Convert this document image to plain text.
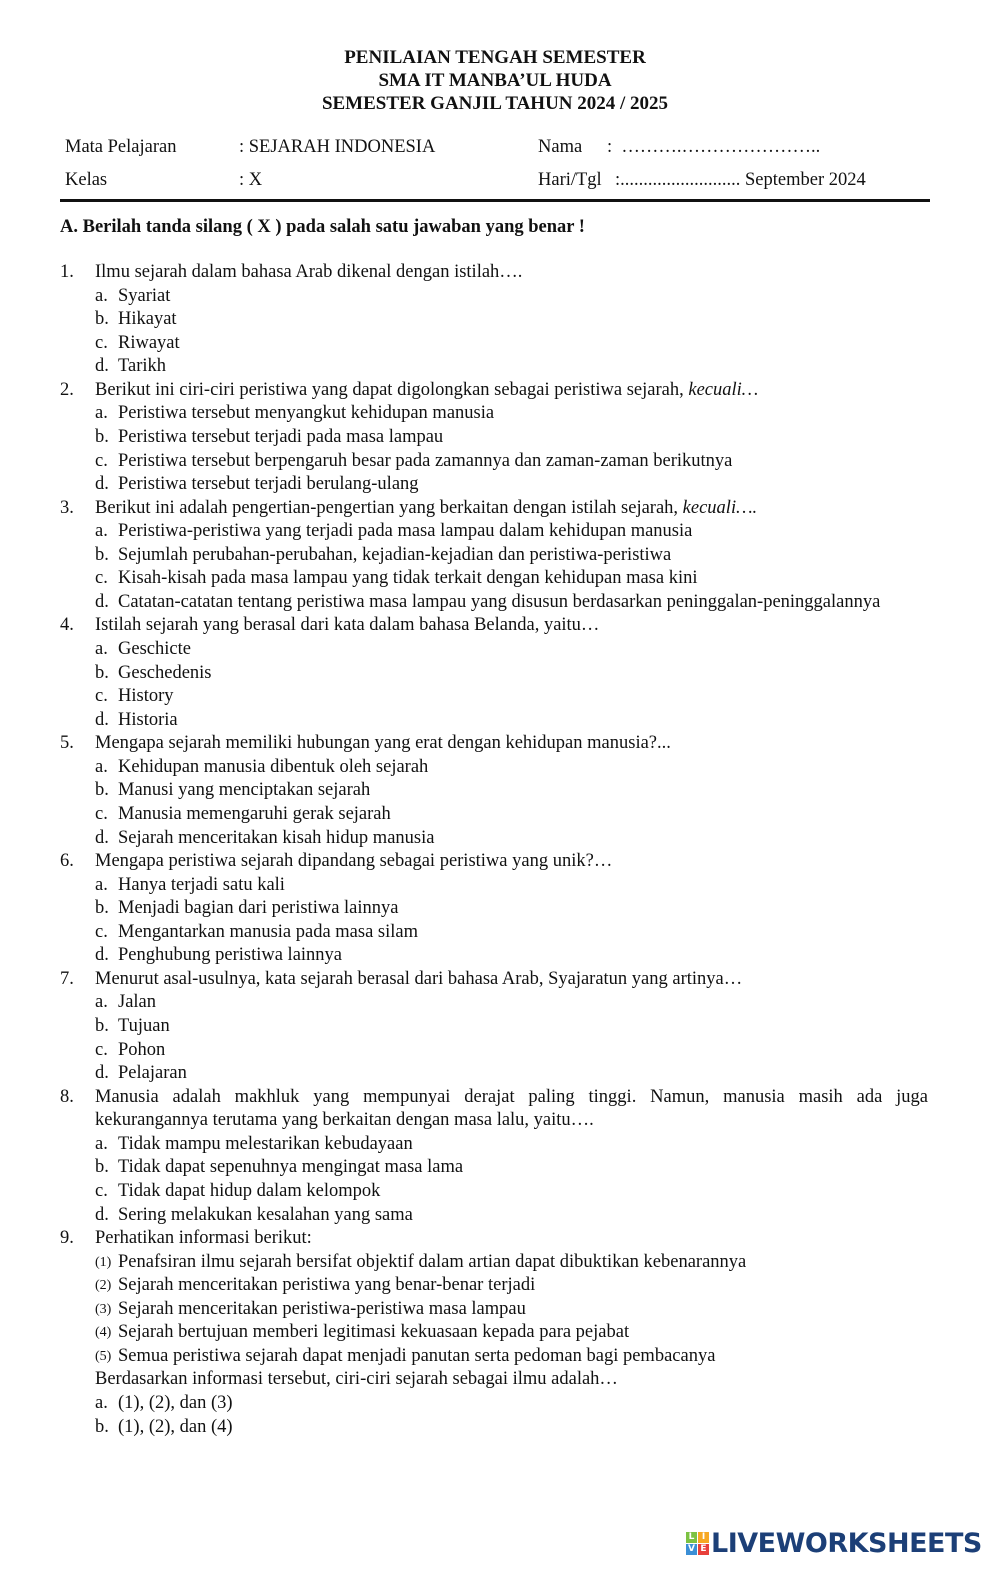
PENILAIAN TENGAH SEMESTER
SMA IT MANBA’UL HUDA
SEMESTER GANJIL TAHUN 2024 / 2025
Mata Pelajaran	: SEJARAH INDONESIA	Nama :  ……….…………………..
Kelas	: X	Hari/Tgl :.......................... September 2024
A. Berilah tanda silang ( X ) pada salah satu jawaban yang benar !
1.	Ilmu sejarah dalam bahasa Arab dikenal dengan istilah….
a. Syariat
b. Hikayat
c. Riwayat
d. Tarikh
2.	Berikut ini ciri-ciri peristiwa yang dapat digolongkan sebagai peristiwa sejarah, kecuali…
a. Peristiwa tersebut menyangkut kehidupan manusia
b. Peristiwa tersebut terjadi pada masa lampau
c. Peristiwa tersebut berpengaruh besar pada zamannya dan zaman-zaman berikutnya
d. Peristiwa tersebut terjadi berulang-ulang
3.	Berikut ini adalah pengertian-pengertian yang berkaitan dengan istilah sejarah, kecuali….
a. Peristiwa-peristiwa yang terjadi pada masa lampau dalam kehidupan manusia
b. Sejumlah perubahan-perubahan, kejadian-kejadian dan peristiwa-peristiwa
c. Kisah-kisah pada masa lampau yang tidak terkait dengan kehidupan masa kini
d. Catatan-catatan tentang peristiwa masa lampau yang disusun berdasarkan peninggalan-peninggalannya
4.	Istilah sejarah yang berasal dari kata dalam bahasa Belanda, yaitu…
a. Geschicte
b. Geschedenis
c. History
d. Historia
5.	Mengapa sejarah memiliki hubungan yang erat dengan kehidupan manusia?...
a. Kehidupan manusia dibentuk oleh sejarah
b. Manusi yang menciptakan sejarah
c. Manusia memengaruhi gerak sejarah
d. Sejarah menceritakan kisah hidup manusia
6.	Mengapa peristiwa sejarah dipandang sebagai peristiwa yang unik?…
a. Hanya terjadi satu kali
b. Menjadi bagian dari peristiwa lainnya
c. Mengantarkan manusia pada masa silam
d. Penghubung peristiwa lainnya
7.	Menurut asal-usulnya, kata sejarah berasal dari bahasa Arab, Syajaratun yang artinya…
a. Jalan
b. Tujuan
c. Pohon
d. Pelajaran
8.	Manusia adalah makhluk yang mempunyai derajat paling tinggi. Namun, manusia masih ada juga kekurangannya terutama yang berkaitan dengan masa lalu, yaitu….
a. Tidak mampu melestarikan kebudayaan
b. Tidak dapat sepenuhnya mengingat masa lama
c. Tidak dapat hidup dalam kelompok
d. Sering melakukan kesalahan yang sama
9.	Perhatikan informasi berikut:
(1) Penafsiran ilmu sejarah bersifat objektif dalam artian dapat dibuktikan kebenarannya
(2) Sejarah menceritakan peristiwa yang benar-benar terjadi
(3) Sejarah menceritakan peristiwa-peristiwa masa lampau
(4) Sejarah bertujuan memberi legitimasi kekuasaan kepada para pejabat
(5) Semua peristiwa sejarah dapat menjadi panutan serta pedoman bagi pembacanya
Berdasarkan informasi tersebut, ciri-ciri sejarah sebagai ilmu adalah…
a. (1), (2), dan (3)
b. (1), (2), dan (4)
L I
V E LIVEWORKSHEETS
